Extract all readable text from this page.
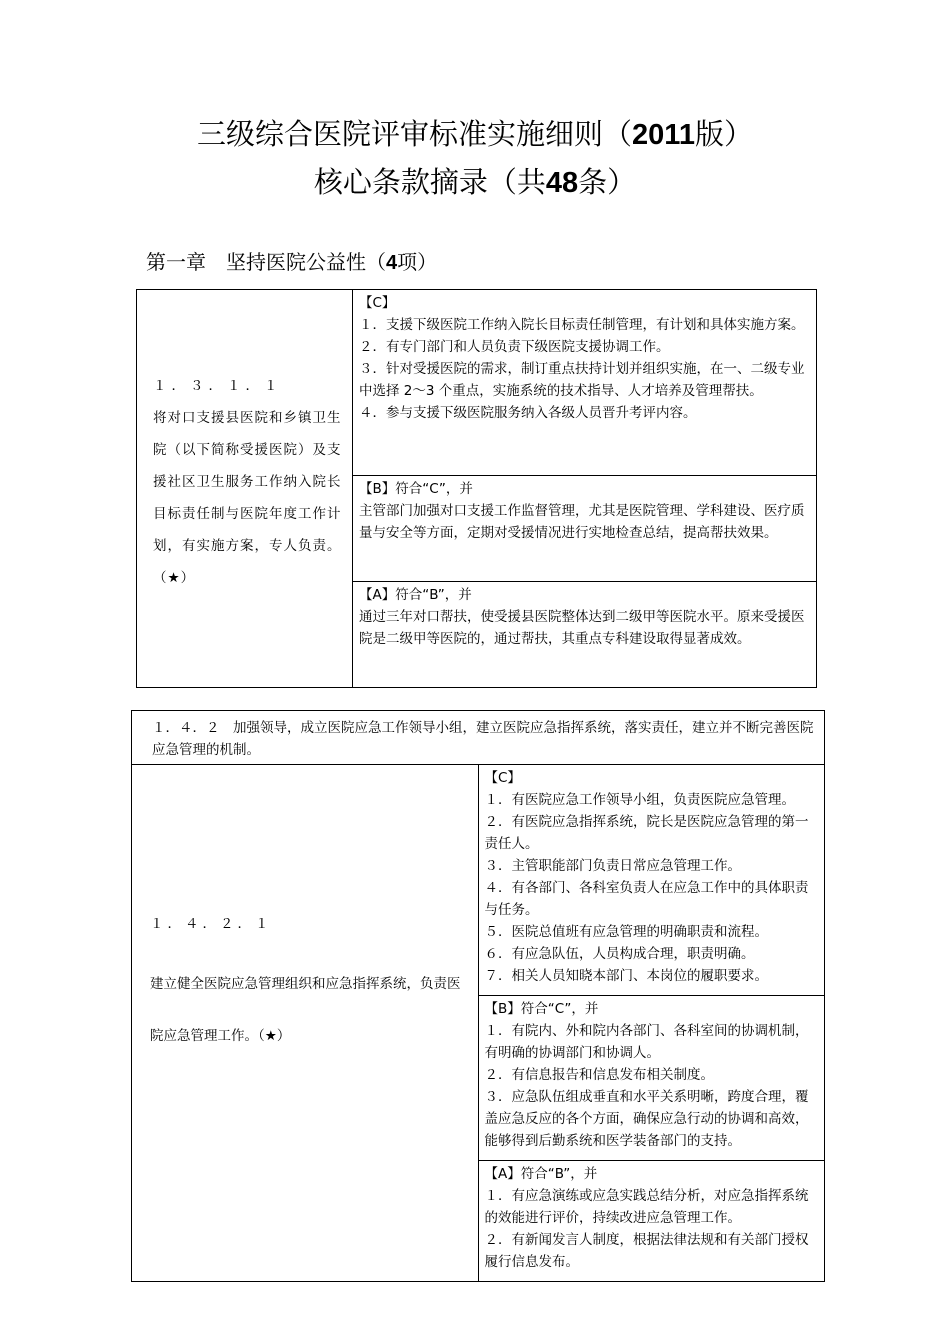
三级综合医院评审标准实施细则（2011版）
核心条款摘录（共48条）
第一章　坚持医院公益性（4项）
１．３．１．１
将对口支援县医院和乡镇卫生院（以下简称受援医院）及支援社区卫生服务工作纳入院长目标责任制与医院年度工作计划，有实施方案，专人负责。（★）	

【C】

１．支援下级医院工作纳入院长目标责任制管理，有计划和具体实施方案。

２．有专门部门和人员负责下级医院支援协调工作。

３．针对受援医院的需求，制订重点扶持计划并组织实施，在一、二级专业中选择 2～3 个重点，实施系统的技术指导、人才培养及管理帮扶。

４．参与支援下级医院服务纳入各级人员晋升考评内容。

【B】符合“C”，并

主管部门加强对口支援工作监督管理，尤其是医院管理、学科建设、医疗质量与安全等方面，定期对受援情况进行实地检查总结，提高帮扶效果。

【A】符合“B”，并

通过三年对口帮扶，使受援县医院整体达到二级甲等医院水平。原来受援医院是二级甲等医院的，通过帮扶，其重点专科建设取得显著成效。

１．４．２　加强领导，成立医院应急工作领导小组，建立医院应急指挥系统，落实责任，建立并不断完善医院应急管理的机制。

１．４．２．１
建立健全医院应急管理组织和应急指挥系统，负责医院应急管理工作。（★）	

【C】

１．有医院应急工作领导小组，负责医院应急管理。

２．有医院应急指挥系统，院长是医院应急管理的第一责任人。

３．主管职能部门负责日常应急管理工作。

４．有各部门、各科室负责人在应急工作中的具体职责与任务。

５．医院总值班有应急管理的明确职责和流程。

６．有应急队伍，人员构成合理，职责明确。

７．相关人员知晓本部门、本岗位的履职要求。

【B】符合“C”，并

１．有院内、外和院内各部门、各科室间的协调机制，有明确的协调部门和协调人。

２．有信息报告和信息发布相关制度。

３．应急队伍组成垂直和水平关系明晰，跨度合理，覆盖应急反应的各个方面，确保应急行动的协调和高效，能够得到后勤系统和医学装备部门的支持。

【A】符合“B”，并

１．有应急演练或应急实践总结分析，对应急指挥系统的效能进行评价，持续改进应急管理工作。

２．有新闻发言人制度，根据法律法规和有关部门授权履行信息发布。
